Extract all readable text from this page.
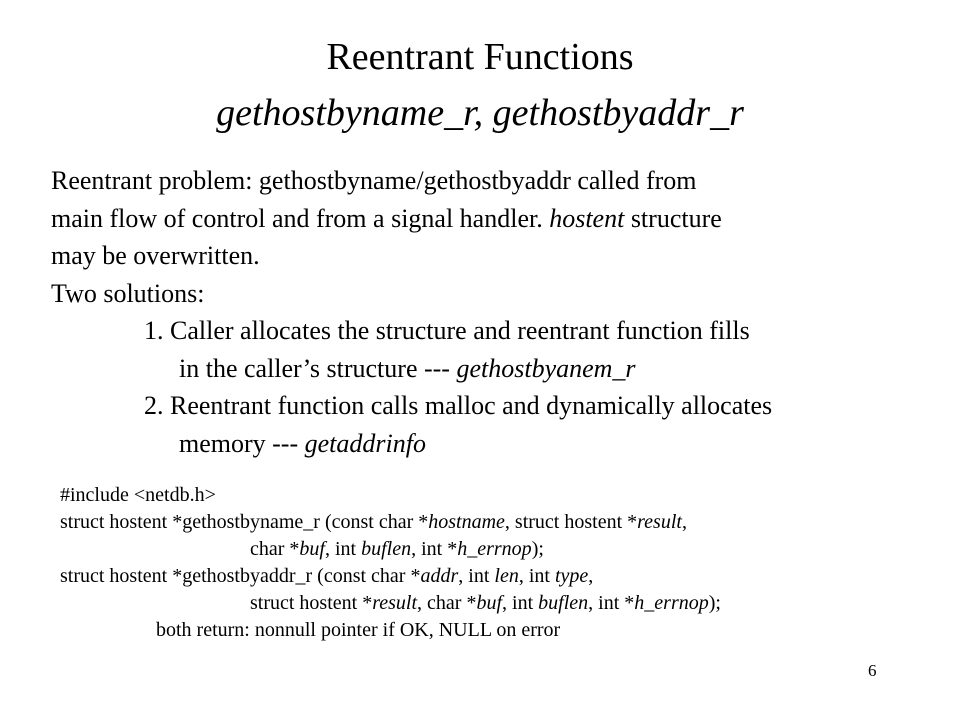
Reentrant Functions
gethostbyname_r, gethostbyaddr_r

Reentrant problem: gethostbyname/gethostbyaddr called from

main flow of control and from a signal handler. hostent structure

may be overwritten.

Two solutions:

1. Caller allocates the structure and reentrant function fills

in the caller’s structure --- gethostbyanem_r

2. Reentrant function calls malloc and dynamically allocates

memory --- getaddrinfo

#include <netdb.h>

struct hostent *gethostbyname_r (const char *hostname, struct hostent *result,

char *buf, int buflen, int *h_errnop);

struct hostent *gethostbyaddr_r (const char *addr, int len, int type,

struct hostent *result, char *buf, int buflen, int *h_errnop);

both return: nonnull pointer if OK, NULL on error

6
